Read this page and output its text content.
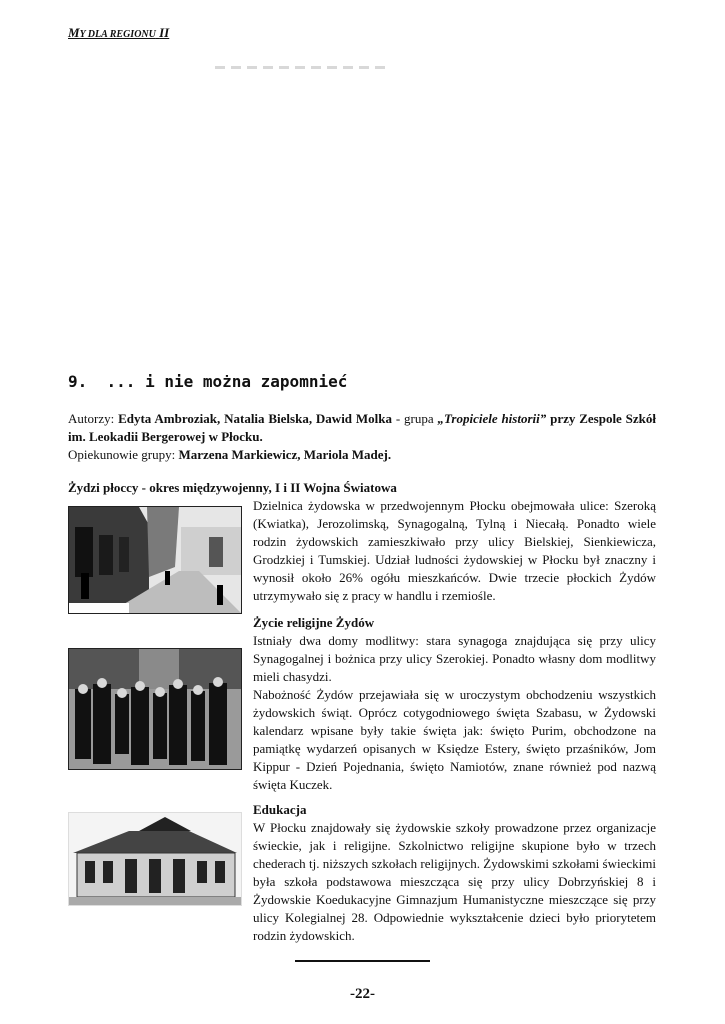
MY DLA REGIONU II
9.  ... i nie można zapomnieć
Autorzy: Edyta Ambroziak, Natalia Bielska, Dawid Molka - grupa „Tropiciele historii” przy Zespole Szkół im. Leokadii Bergerowej w Płocku.
Opiekunowie grupy: Marzena Markiewicz, Mariola Madej.
Żydzi płoccy - okres międzywojenny, I i II Wojna Światowa

Dzielnica żydowska w przedwojennym Płocku obejmowała ulice: Szeroką (Kwiatka), Jerozolimską, Synagogalną, Tylną i Niecałą. Ponadto wiele rodzin żydowskich zamieszkiwało przy ulicy Bielskiej, Sienkiewicza, Grodzkiej i Tumskiej. Udział ludności żydowskiej w Płocku był znaczny i wynosił około 26% ogółu mieszkańców. Dwie trzecie płockich Żydów utrzymywało się z pracy w handlu i rzemiośle.

Życie religijne Żydów

Istniały dwa domy modlitwy: stara synagoga znajdująca się przy ulicy Synagogalnej i bożnica przy ulicy Szerokiej. Ponadto własny dom modlitwy mieli chasydzi.

Nabożność Żydów przejawiała się w uroczystym obchodzeniu wszystkich żydowskich świąt. Oprócz cotygodniowego święta Szabasu, w Żydowski kalendarz wpisane były takie święta jak: święto Purim, obchodzone na pamiątkę wydarzeń opisanych w Księdze Estery, święto przaśników, Jom Kippur - Dzień Pojednania, święto Namiotów, znane również pod nazwą święta Kuczek.

Edukacja

W Płocku znajdowały się żydowskie szkoły prowadzone przez organizacje świeckie, jak i religijne. Szkolnictwo religijne skupione było w trzech chederach tj. niższych szkołach religijnych. Żydowskimi szkołami świeckimi była szkoła podstawowa mieszcząca się przy ulicy Dobrzyńskiej 8 i Żydowskie Koedukacyjne Gimnazjum Humanistyczne mieszczące się przy ulicy Kolegialnej 28. Odpowiednie wykształcenie dzieci było priorytetem rodzin żydowskich.

-22-
